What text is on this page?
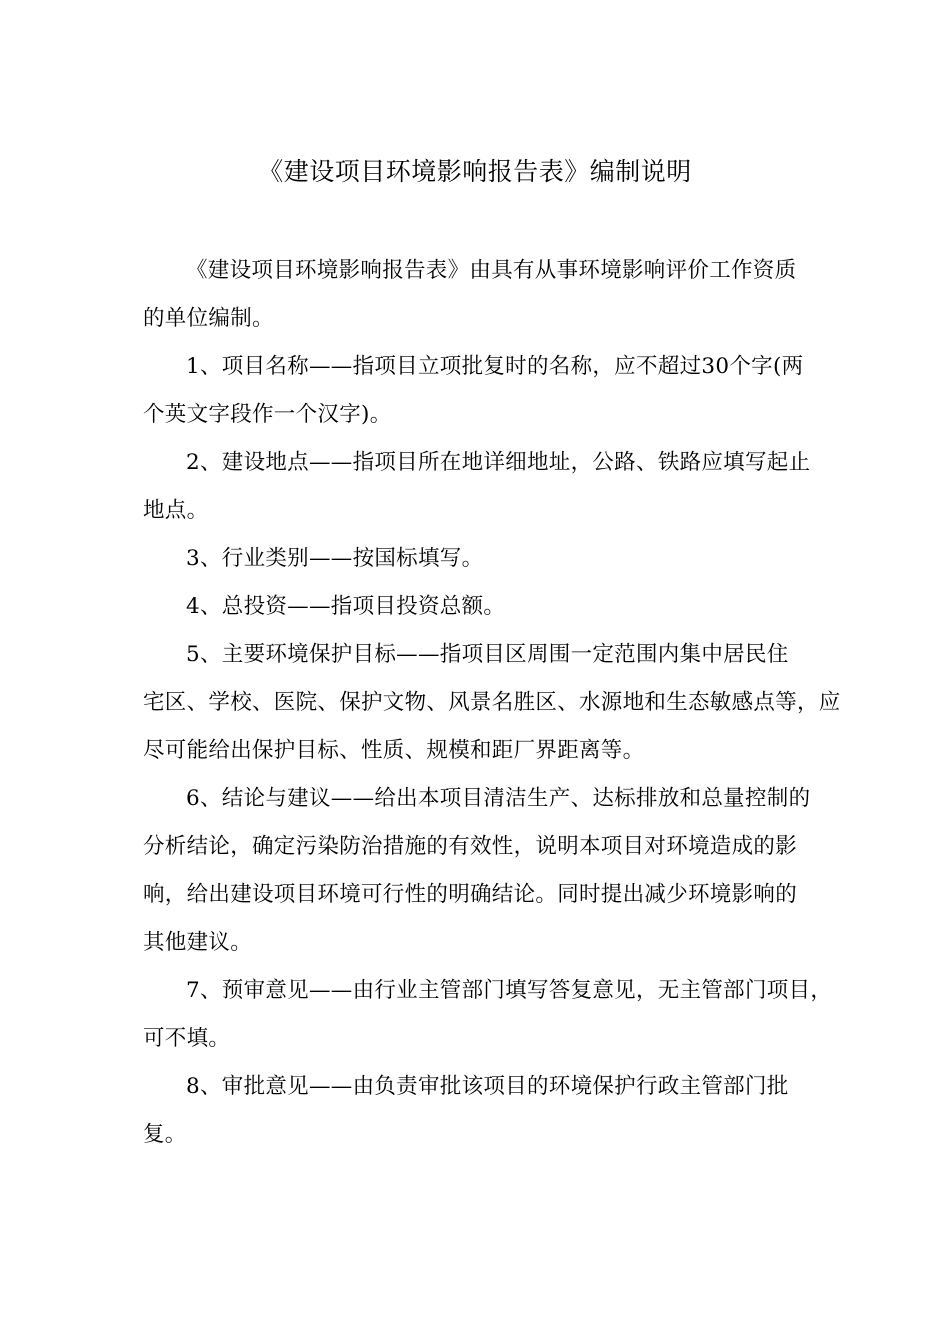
《建设项目环境影响报告表》编制说明

《建设项目环境影响报告表》由具有从事环境影响评价工作资质
的单位编制。

1、项目名称——指项目立项批复时的名称，应不超过30个字(两
个英文字段作一个汉字)。

2、建设地点——指项目所在地详细地址，公路、铁路应填写起止
地点。

3、行业类别——按国标填写。

4、总投资——指项目投资总额。

5、主要环境保护目标——指项目区周围一定范围内集中居民住
宅区、学校、医院、保护文物、风景名胜区、水源地和生态敏感点等，应
尽可能给出保护目标、性质、规模和距厂界距离等。

6、结论与建议——给出本项目清洁生产、达标排放和总量控制的
分析结论，确定污染防治措施的有效性，说明本项目对环境造成的影
响，给出建设项目环境可行性的明确结论。同时提出减少环境影响的
其他建议。

7、预审意见——由行业主管部门填写答复意见，无主管部门项目，
可不填。

8、审批意见——由负责审批该项目的环境保护行政主管部门批
复。
